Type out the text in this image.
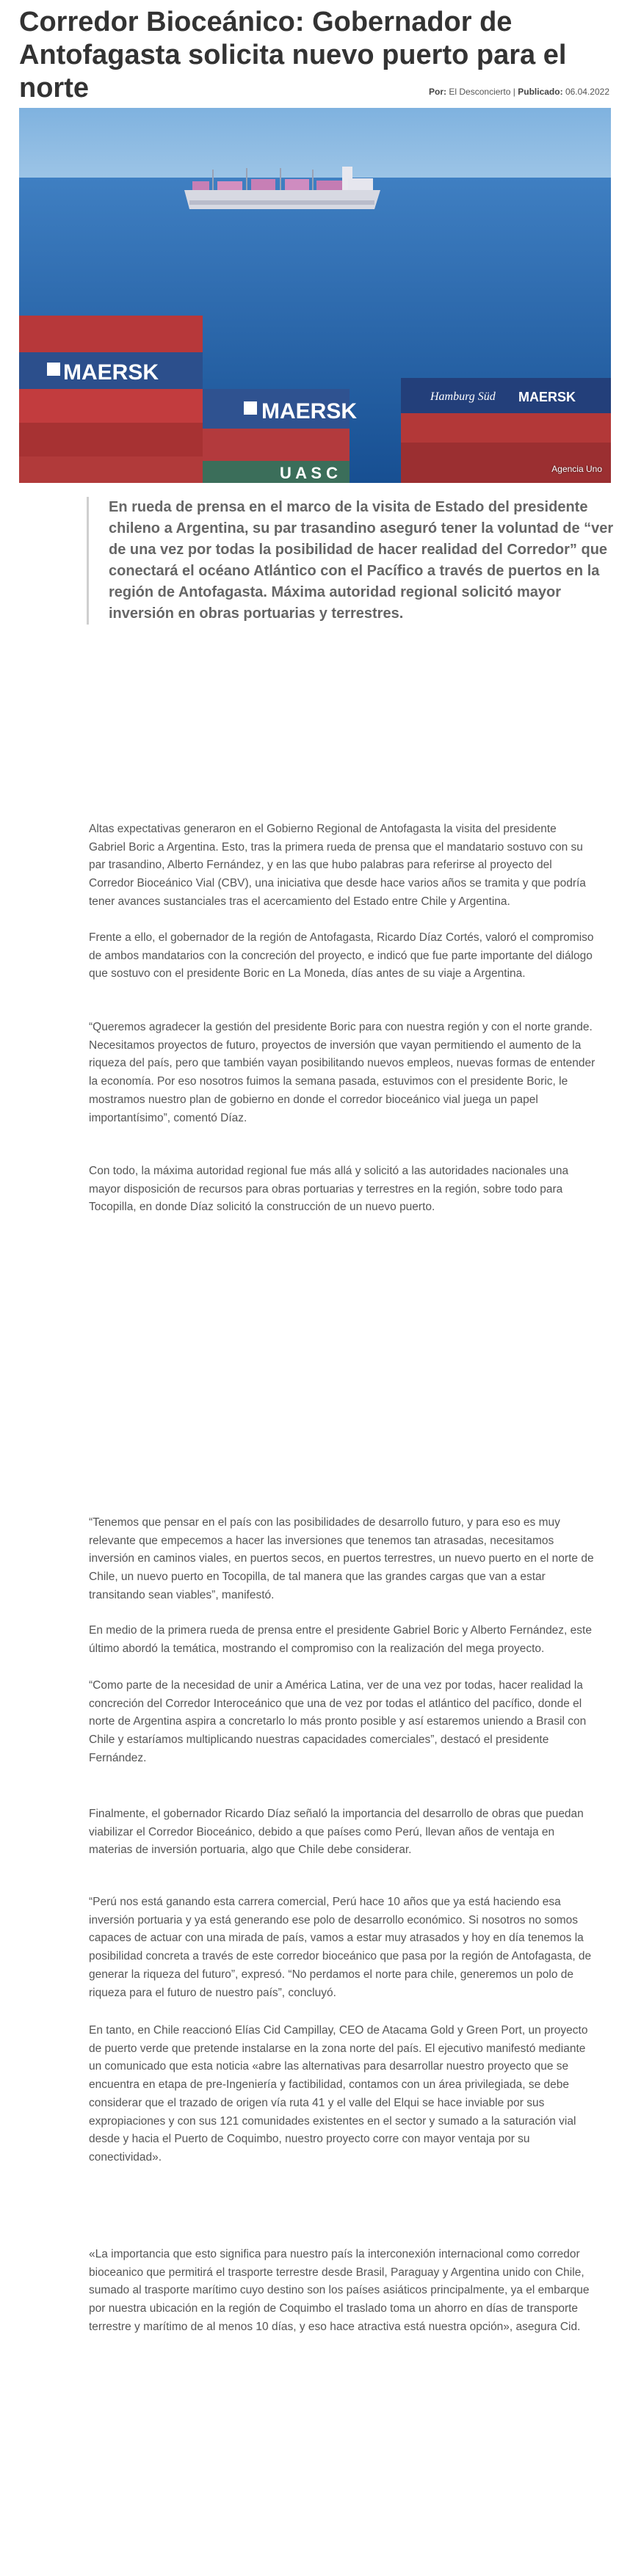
Corredor Bioceánico: Gobernador de Antofagasta solicita nuevo puerto para el norte	Por: El Desconcierto | Publicado: 06.04.2022
MAERSK
MAERSK
U A S C
Hamburg Süd MAERSK
Agencia Uno
En rueda de prensa en el marco de la visita de Estado del presidente chileno a Argentina, su par trasandino aseguró tener la voluntad de “ver de una vez por todas la posibilidad de hacer realidad del Corredor” que conectará el océano Atlántico con el Pacífico a través de puertos en la región de Antofagasta. Máxima autoridad regional solicitó mayor inversión en obras portuarias y terrestres.

Altas expectativas generaron en el Gobierno Regional de Antofagasta la visita del presidente Gabriel Boric a Argentina. Esto, tras la primera rueda de prensa que el mandatario sostuvo con su par trasandino, Alberto Fernández, y en las que hubo palabras para referirse al proyecto del Corredor Bioceánico Vial (CBV), una iniciativa que desde hace varios años se tramita y que podría tener avances sustanciales tras el acercamiento del Estado entre Chile y Argentina.

Frente a ello, el gobernador de la región de Antofagasta, Ricardo Díaz Cortés, valoró el compromiso de ambos mandatarios con la concreción del proyecto, e indicó que fue parte importante del diálogo que sostuvo con el presidente Boric en La Moneda, días antes de su viaje a Argentina.

“Queremos agradecer la gestión del presidente Boric para con nuestra región y con el norte grande. Necesitamos proyectos de futuro, proyectos de inversión que vayan permitiendo el aumento de la riqueza del país, pero que también vayan posibilitando nuevos empleos, nuevas formas de entender la economía. Por eso nosotros fuimos la semana pasada, estuvimos con el presidente Boric, le mostramos nuestro plan de gobierno en donde el corredor bioceánico vial juega un papel importantísimo”, comentó Díaz.

Con todo, la máxima autoridad regional fue más allá y solicitó a las autoridades nacionales una mayor disposición de recursos para obras portuarias y terrestres en la región, sobre todo para Tocopilla, en donde Díaz solicitó la construcción de un nuevo puerto.

“Tenemos que pensar en el país con las posibilidades de desarrollo futuro, y para eso es muy relevante que empecemos a hacer las inversiones que tenemos tan atrasadas, necesitamos inversión en caminos viales, en puertos secos, en puertos terrestres, un nuevo puerto en el norte de Chile, un nuevo puerto en Tocopilla, de tal manera que las grandes cargas que van a estar transitando sean viables”, manifestó.

En medio de la primera rueda de prensa entre el presidente Gabriel Boric y Alberto Fernández, este último abordó la temática, mostrando el compromiso con la realización del mega proyecto.

“Como parte de la necesidad de unir a América Latina, ver de una vez por todas, hacer realidad la concreción del Corredor Interoceánico que una de vez por todas el atlántico del pacífico, donde el norte de Argentina aspira a concretarlo lo más pronto posible y así estaremos uniendo a Brasil con Chile y estaríamos multiplicando nuestras capacidades comerciales”, destacó el presidente Fernández.

Finalmente, el gobernador Ricardo Díaz señaló la importancia del desarrollo de obras que puedan viabilizar el Corredor Bioceánico, debido a que países como Perú, llevan años de ventaja en materias de inversión portuaria, algo que Chile debe considerar.

“Perú nos está ganando esta carrera comercial, Perú hace 10 años que ya está haciendo esa inversión portuaria y ya está generando ese polo de desarrollo económico. Si nosotros no somos capaces de actuar con una mirada de país, vamos a estar muy atrasados y hoy en día tenemos la posibilidad concreta a través de este corredor bioceánico que pasa por la región de Antofagasta, de generar la riqueza del futuro”, expresó. “No perdamos el norte para chile, generemos un polo de riqueza para el futuro de nuestro país”, concluyó.

En tanto, en Chile reaccionó Elías Cid Campillay, CEO de Atacama Gold y Green Port, un proyecto de puerto verde que pretende instalarse en la zona norte del país. El ejecutivo manifestó mediante un comunicado que esta noticia «abre las alternativas para desarrollar nuestro proyecto que se encuentra en etapa de pre-Ingeniería y factibilidad, contamos con un área privilegiada, se debe considerar que el trazado de origen vía ruta 41 y el valle del Elqui se hace inviable por sus expropiaciones y con sus 121 comunidades existentes en el sector y sumado a la saturación vial desde y hacia el Puerto de Coquimbo, nuestro proyecto corre con mayor ventaja por su conectividad».

«La importancia que esto significa para nuestro país la interconexión internacional como corredor bioceanico que permitirá el trasporte terrestre desde Brasil, Paraguay y Argentina unido con Chile, sumado al trasporte marítimo cuyo destino son los países asiáticos principalmente, ya el embarque por nuestra ubicación en la región de Coquimbo el traslado toma un ahorro en días de transporte terrestre y marítimo de al menos 10 días, y eso hace atractiva está nuestra opción», asegura Cid.
